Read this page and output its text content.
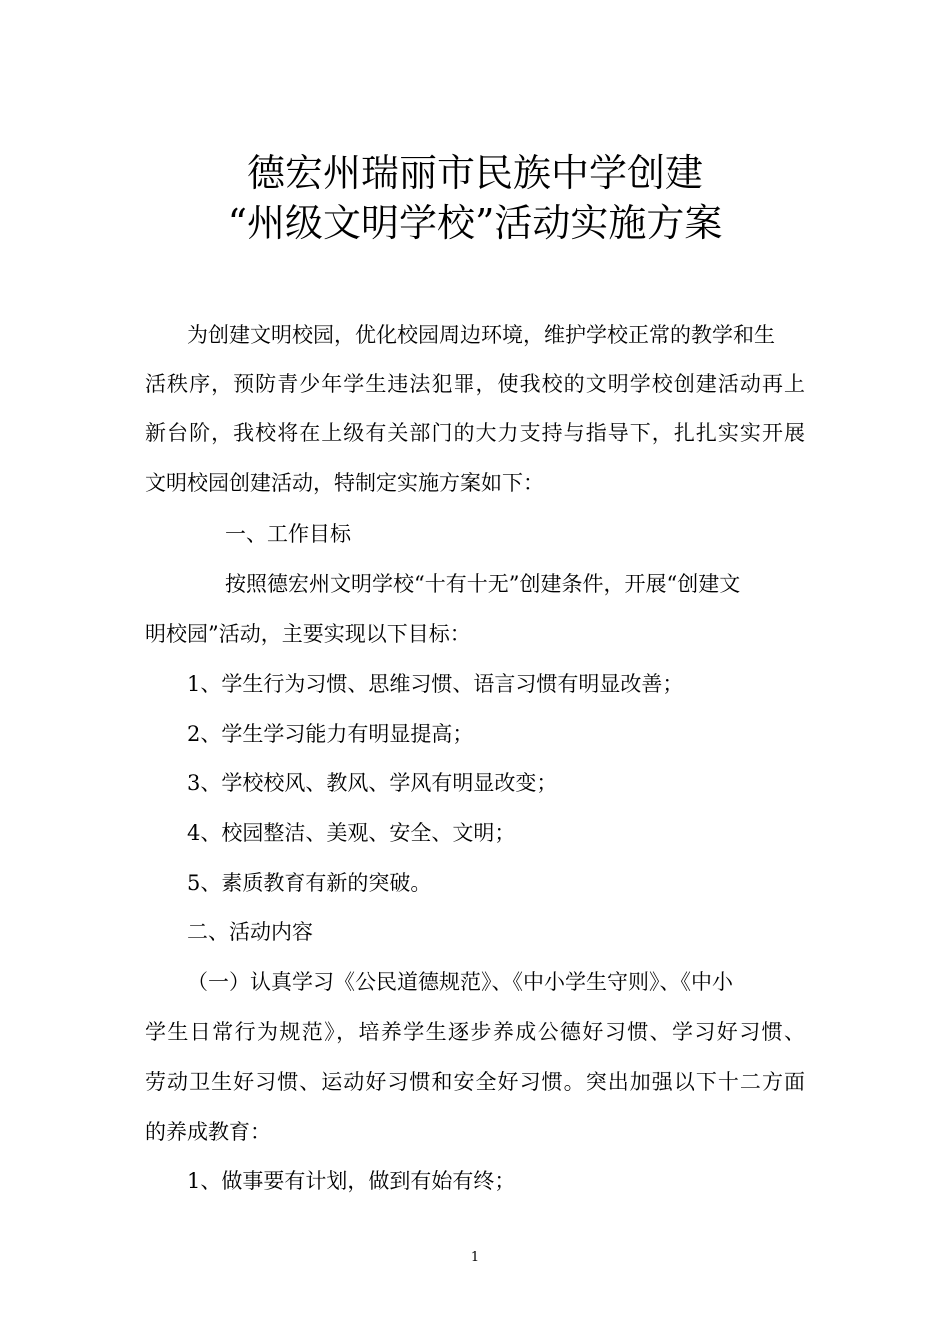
德宏州瑞丽市民族中学创建
“州级文明学校”活动实施方案
为创建文明校园，优化校园周边环境，维护学校正常的教学和生
活秩序，预防青少年学生违法犯罪，使我校的文明学校创建活动再上
新台阶，我校将在上级有关部门的大力支持与指导下，扎扎实实开展
文明校园创建活动，特制定实施方案如下：
一、工作目标
按照德宏州文明学校“十有十无”创建条件，开展“创建文
明校园”活动，主要实现以下目标：
1、学生行为习惯、思维习惯、语言习惯有明显改善；
2、学生学习能力有明显提高；
3、学校校风、教风、学风有明显改变；
4、校园整洁、美观、安全、文明；
5、素质教育有新的突破。
二、活动内容
（一）认真学习《公民道德规范》、《中小学生守则》、《中小
学生日常行为规范》，培养学生逐步养成公德好习惯、学习好习惯、
劳动卫生好习惯、运动好习惯和安全好习惯。突出加强以下十二方面
的养成教育：
1、做事要有计划，做到有始有终；
1
